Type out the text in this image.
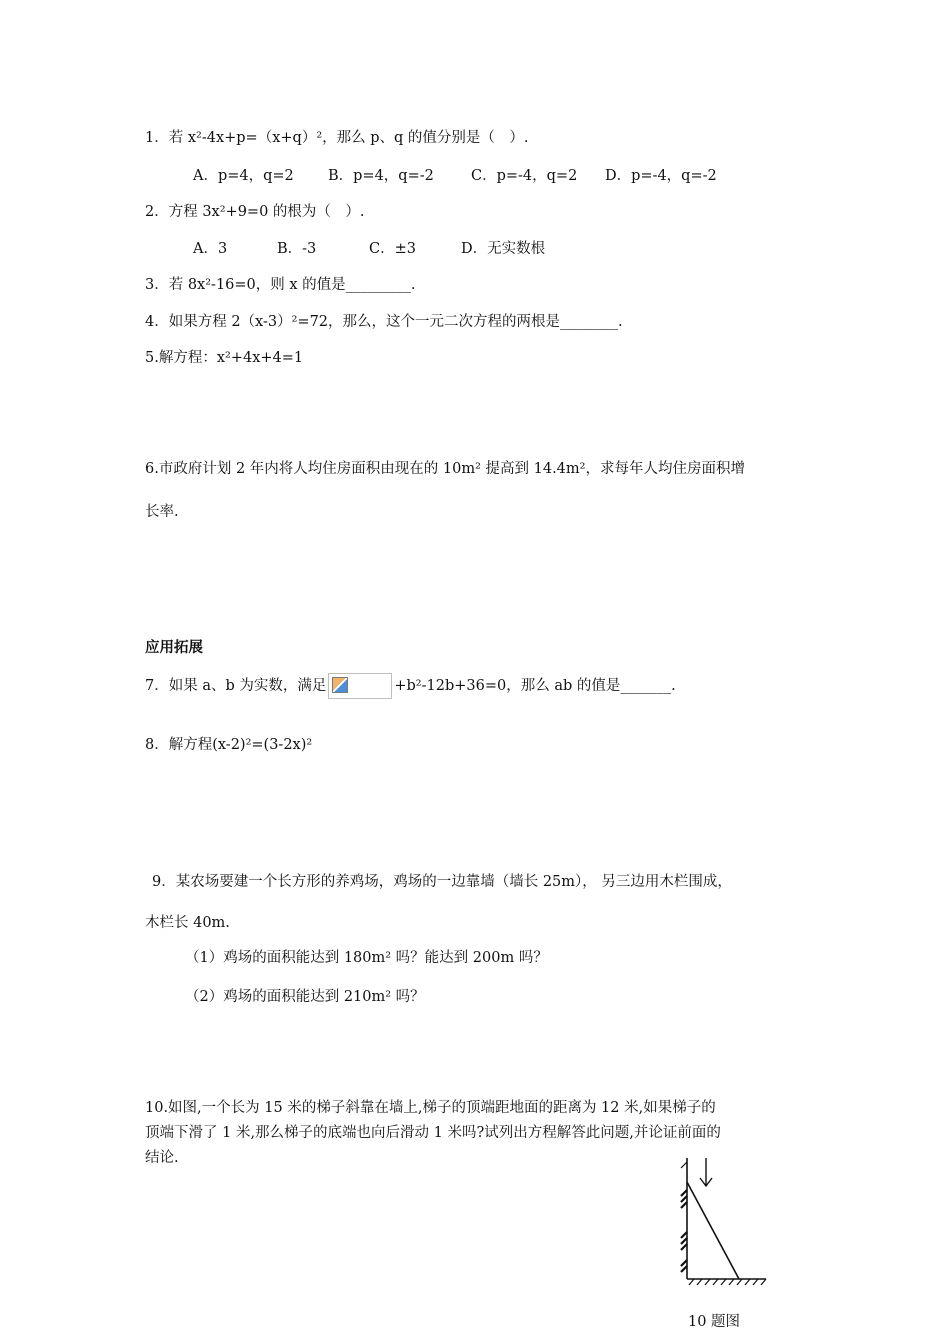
1．若 x²-4x+p=（x+q）²，那么 p、q 的值分别是（　）.
A．p=4，q=2 B．p=4，q=-2	C．p=-4，q=2 D．p=-4，q=-2
2．方程 3x²+9=0 的根为（　）.
A．3	B．-3	C．±3	D．无实数根
3．若 8x²-16=0，则 x 的值是_________.
4．如果方程 2（x-3）²=72，那么，这个一元二次方程的两根是________.
5.解方程：x²+4x+4=1
6.市政府计划 2 年内将人均住房面积由现在的 10m² 提高到 14.4m²，求每年人均住房面积增
长率.
应用拓展
7．如果 a、b 为实数，满足	+b²-12b+36=0，那么 ab 的值是_______.
8．解方程(x-2)²=(3-2x)²
9．某农场要建一个长方形的养鸡场，鸡场的一边靠墙（墙长 25m）， 另三边用木栏围成，
木栏长 40m.
（1）鸡场的面积能达到 180m² 吗？能达到 200m 吗？
（2）鸡场的面积能达到 210m² 吗？
10.如图,一个长为 15 米的梯子斜靠在墙上,梯子的顶端距地面的距离为 12 米,如果梯子的
顶端下滑了 1 米,那么梯子的底端也向后滑动 1 米吗?试列出方程解答此问题,并论证前面的
结论.
10 题图
